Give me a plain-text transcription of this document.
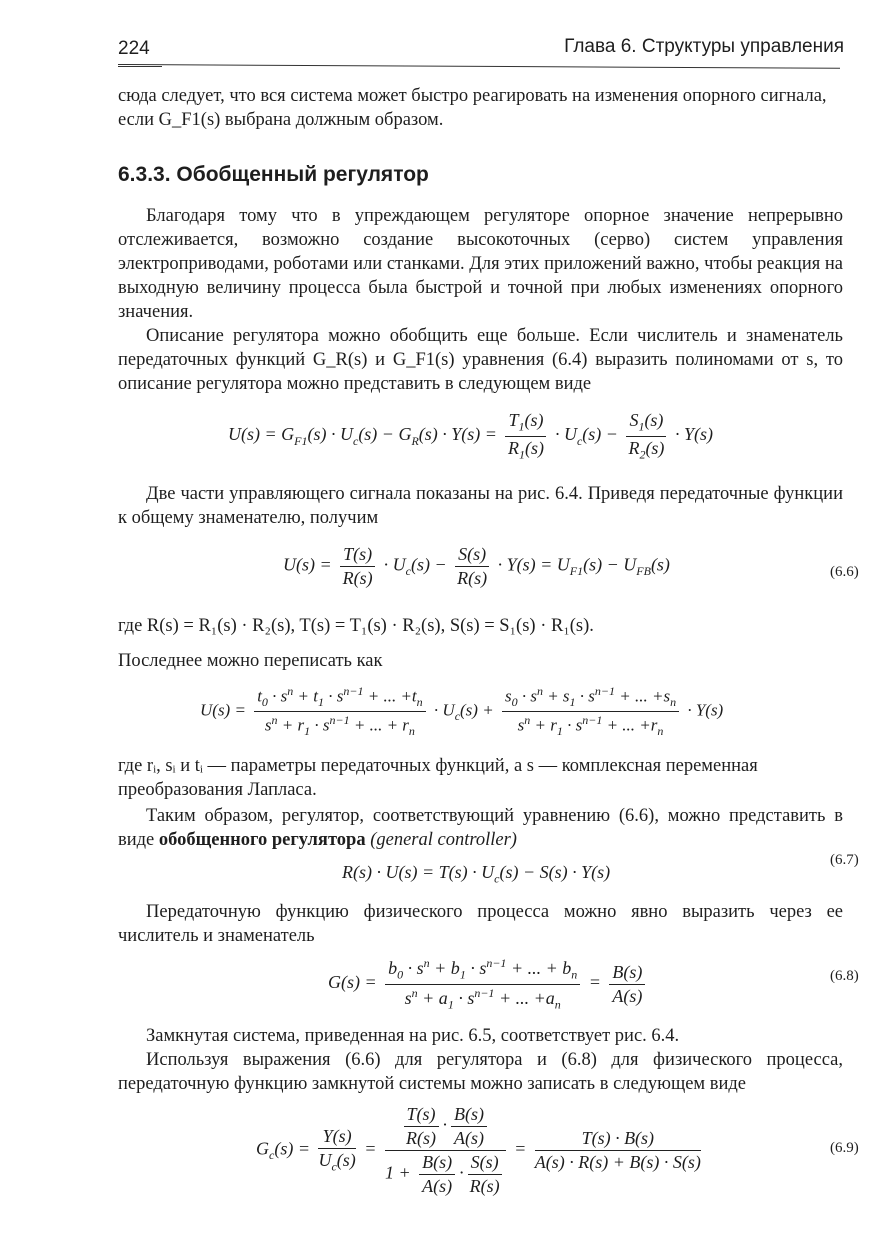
224	Глава 6. Структуры управления
сюда следует, что вся система может быстро реагировать на изменения опорного сигнала, если G_F1(s) выбрана должным образом.
6.3.3. Обобщенный регулятор
Благодаря тому что в упреждающем регуляторе опорное значение непрерывно отслеживается, возможно создание высокоточных (серво) систем управления электроприводами, роботами или станками. Для этих приложений важно, чтобы реакция на выходную величину процесса была быстрой и точной при любых изменениях опорного значения.
Описание регулятора можно обобщить еще больше. Если числитель и знаменатель передаточных функций G_R(s) и G_F1(s) уравнения (6.4) выразить полиномами от s, то описание регулятора можно представить в следующем виде
$U(s) = G_{F1}(s) \cdot U_c(s) - G_R(s) \cdot Y(s) = \frac{T_1(s)}{R_1(s)} \cdot U_c(s) - \frac{S_1(s)}{R_2(s)} \cdot Y(s)$
Две части управляющего сигнала показаны на рис. 6.4. Приведя передаточные функции к общему знаменателю, получим
$U(s) = \frac{T(s)}{R(s)} \cdot U_c(s) - \frac{S(s)}{R(s)} \cdot Y(s) = U_{F1}(s) - U_{FB}(s)$	(6.6)
где R(s) = R₁(s) · R₂(s), T(s) = T₁(s) · R₂(s), S(s) = S₁(s) · R₁(s).
Последнее можно переписать как
$U(s) = \frac{t_0 \cdot s^n + t_1 \cdot s^{n-1} + ... +t_n}{s^n + r_1 \cdot s^{n-1} + ... + r_n} \cdot U_c(s) + \frac{s_0 \cdot s^n + s_1 \cdot s^{n-1} + ... +s_n}{s^n + r_1 \cdot s^{n-1} + ... +r_n} \cdot Y(s)$
где rᵢ, sᵢ и tᵢ — параметры передаточных функций, а s — комплексная переменная преобразования Лапласа.
Таким образом, регулятор, соответствующий уравнению (6.6), можно представить в виде обобщенного регулятора (general controller)
$R(s) \cdot U(s) = T(s) \cdot U_c(s) - S(s) \cdot Y(s)$
(6.7)
Передаточную функцию физического процесса можно явно выразить через ее числитель и знаменатель
$G(s) = \frac{b_0 \cdot s^n + b_1 \cdot s^{n-1} + ... + b_n}{s^n + a_1 \cdot s^{n-1} + ... +a_n} = \frac{B(s)}{A(s)}$	(6.8)
Замкнутая система, приведенная на рис. 6.5, соответствует рис. 6.4.
Используя выражения (6.6) для регулятора и (6.8) для физического процесса, передаточную функцию замкнутой системы можно записать в следующем виде
$G_c(s) = \frac{Y(s)}{U_c(s)} = \frac{\frac{T(s)}{R(s)} \cdot \frac{B(s)}{A(s)}}{1 + \frac{B(s)}{A(s)} \cdot \frac{S(s)}{R(s)}} = \frac{T(s) \cdot B(s)}{A(s) \cdot R(s) + B(s) \cdot S(s)}$	(6.9)
